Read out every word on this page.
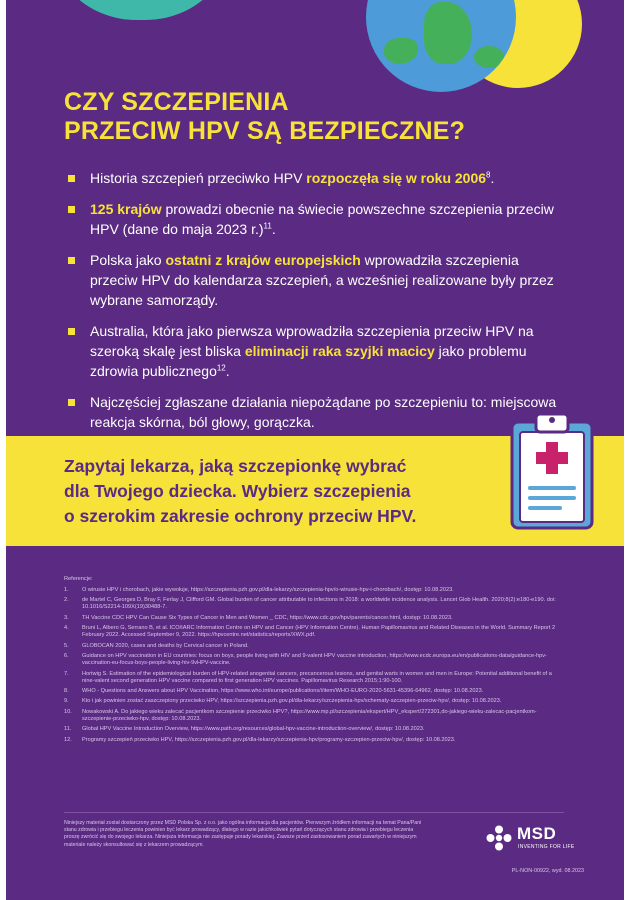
CZY SZCZEPIENIA
PRZECIW HPV SĄ BEZPIECZNE?
Historia szczepień przeciwko HPV rozpoczęła się w roku 2006$^8$.
125 krajów prowadzi obecnie na świecie powszechne szczepienia przeciw HPV (dane do maja 2023 r.)$^{11}$.
Polska jako ostatni z krajów europejskich wprowadziła szczepienia przeciw HPV do kalendarza szczepień, a wcześniej realizowane były przez wybrane samorządy.
Australia, która jako pierwsza wprowadziła szczepienia przeciw HPV na szeroką skalę jest bliska eliminacji raka szyjki macicy jako problemu zdrowia publicznego$^{12}$.
Najczęściej zgłaszane działania niepożądane po szczepieniu to: miejscowa reakcja skórna, ból głowy, gorączka.

Zapytaj lekarza, jaką szczepionkę wybrać
dla Twojego dziecka. Wybierz szczepienia
o szerokim zakresie ochrony przeciw HPV.

Referencje:

1. O wirusie HPV i chorobach, jakie wywołuje, https://szczepienia.pzh.gov.pl/dla-lekarzy/szczepienia-hpv/o-wirusie-hpv-i-chorobach/, dostęp: 10.08.2023.
2. de Martel C, Georges D, Bray F, Ferlay J, Clifford GM. Global burden of cancer attributable to infections in 2018: a worldwide incidence analysis. Lancet Glob Health. 2020;8(2):e180-e190. doi: 10.1016/S2214-109X(19)30488-7.
3. TH Vaccine CDC HPV Can Cause Six Types of Cancer in Men and Women _ CDC, https://www.cdc.gov/hpv/parents/cancer.html, dostęp: 10.08.2023.
4. Bruni L, Albero G, Serrano B, et al. ICO/IARC Information Centre on HPV and Cancer (HPV Information Centre). Human Papillomavirus and Related Diseases in the World. Summary Report 2 February 2022. Accessed September 9, 2022. https://hpvcentre.net/statistics/reports/XWX.pdf.
5. GLOBOCAN 2020, cases and deaths by Cervical cancer in Poland.
6. Guidance on HPV vaccination in EU countries: focus on boys, people living with HIV and 9-valent HPV vaccine introduction, https://www.ecdc.europa.eu/en/publications-data/guidance-hpv-vaccination-eu-focus-boys-people-living-hiv-9vHPV-vaccine.
7. Hortwig S. Estimation of the epidemiological burden of HPV-related anogenital cancers, precancerous lesions, and genital warts in women and men in Europe: Potential additional benefit of a nine-valent second generation HPV vaccine compared to first generation HPV vaccines. Papillomavirus Research 2015;1:90-100.
8. WHO - Questions and Answers about HPV Vaccination, https://www.who.int/europe/publications/i/item/WHO-EURO-2020-5631-45396-64962, dostęp: 10.08.2023.
9. Kto i jak powinien zostać zaszczepiony przeciwko HPV, https://szczepienia.pzh.gov.pl/dla-lekarzy/szczepienia-hpv/schematy-szczepien-przeciw-hpv/, dostęp: 10.08.2023.
10. Nowakowski A. Do jakiego wieku zalecać pacjentkom szczepienie przeciwko HPV?, https://www.mp.pl/szczepienia/ekspert/HPV_ekspert/272301,do-jakiego-wieku-zalecac-pacjentkom-szczepienie-przeciwko-hpv, dostęp: 10.08.2023.
11. Global HPV Vaccine Introduction Overview, https://www.path.org/resources/global-hpv-vaccine-introduction-overview/, dostęp: 10.08.2023.
12. Programy szczepień przeciwko HPV, https://szczepienia.pzh.gov.pl/dla-lekarzy/szczepienia-hpv/programy-szczepien-przeciw-hpv/, dostęp: 10.08.2023.

Niniejszy materiał został dostarczony przez MSD Polska Sp. z o.o. jako ogólna informacja dla pacjentów. Pierwszym źródłem informacji na temat Pana/Pani stanu zdrowia i przebiegu leczenia powinien być lekarz prowadzący, dlatego w razie jakichkolwiek pytań dotyczących stanu zdrowia i przebiegu leczenia proszę zwrócić się do swojego lekarza. Niniejsza informacja nie zastępuje porady lekarskiej. Zawsze przed zastosowaniem porad zawartych w niniejszym materiale należy skonsultować się z lekarzem prowadzącym.

MSD
INVENTING FOR LIFE

PL-NON-00922, wyd. 08.2023
